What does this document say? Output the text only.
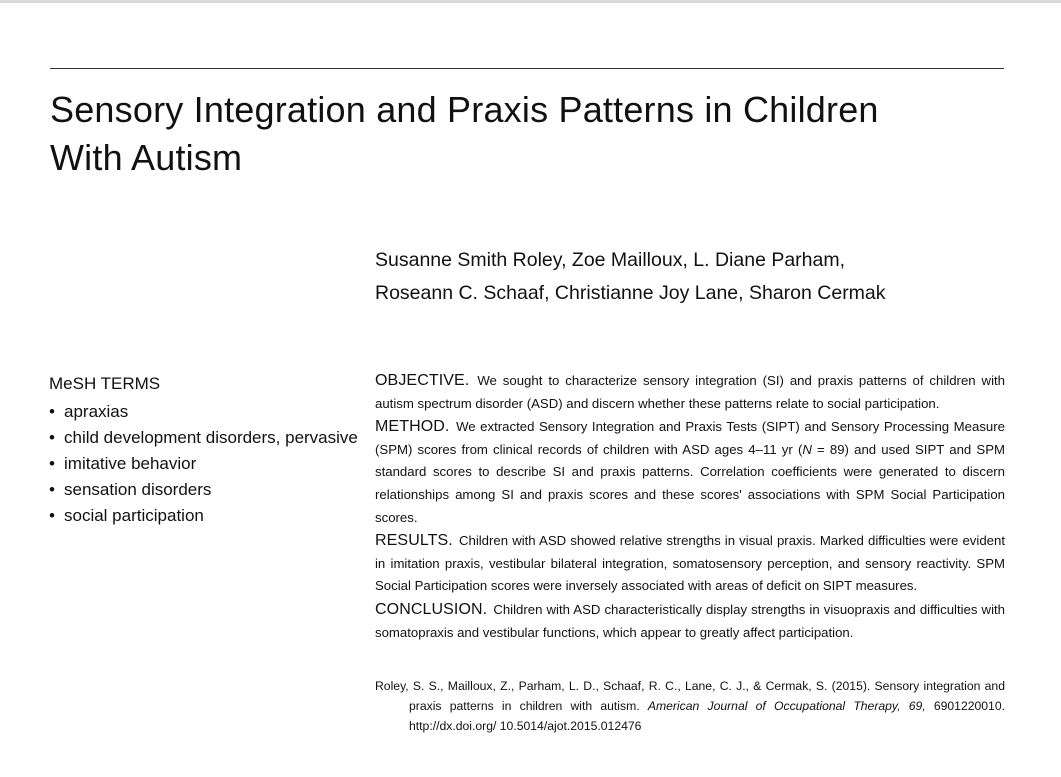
Sensory Integration and Praxis Patterns in Children
With Autism
Susanne Smith Roley, Zoe Mailloux, L. Diane Parham,
Roseann C. Schaaf, Christianne Joy Lane, Sharon Cermak
MeSH TERMS
• apraxias
• child development disorders, pervasive
• imitative behavior
• sensation disorders
• social participation

OBJECTIVE. We sought to characterize sensory integration (SI) and praxis patterns of children with autism spectrum disorder (ASD) and discern whether these patterns relate to social participation.

METHOD. We extracted Sensory Integration and Praxis Tests (SIPT) and Sensory Processing Measure (SPM) scores from clinical records of children with ASD ages 4–11 yr (N = 89) and used SIPT and SPM standard scores to describe SI and praxis patterns. Correlation coefficients were generated to discern relationships among SI and praxis scores and these scores' associations with SPM Social Participation scores.

RESULTS. Children with ASD showed relative strengths in visual praxis. Marked difficulties were evident in imitation praxis, vestibular bilateral integration, somatosensory perception, and sensory reactivity. SPM Social Participation scores were inversely associated with areas of deficit on SIPT measures.

CONCLUSION. Children with ASD characteristically display strengths in visuopraxis and difficulties with somatopraxis and vestibular functions, which appear to greatly affect participation.

Roley, S. S., Mailloux, Z., Parham, L. D., Schaaf, R. C., Lane, C. J., & Cermak, S. (2015). Sensory integration and praxis patterns in children with autism. American Journal of Occupational Therapy, 69, 6901220010. http://dx.doi.org/ 10.5014/ajot.2015.012476
